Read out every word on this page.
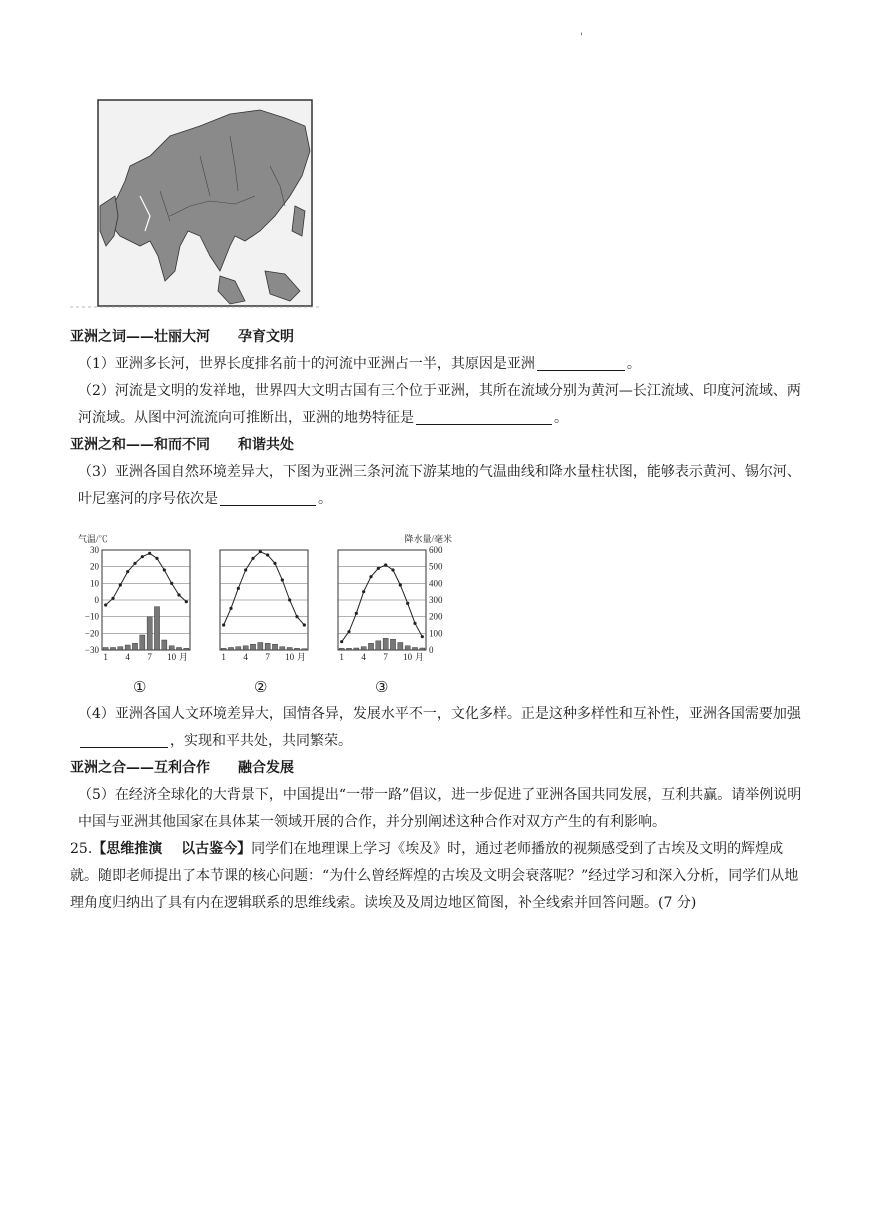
'

亚洲之词——壮丽大河 孕育文明

（1）亚洲多长河，世界长度排名前十的河流中亚洲占一半，其原因是亚洲	。

（2）河流是文明的发祥地，世界四大文明古国有三个位于亚洲，其所在流域分别为黄河—长江流域、印度河流域、两河流域。从图中河流流向可推断出，亚洲的地势特征是	。

亚洲之和——和而不同 和谐共处

（3）亚洲各国自然环境差异大，下图为亚洲三条河流下游某地的气温曲线和降水量柱状图，能够表示黄河、锡尔河、叶尼塞河的序号依次是	。

1 4 7 10 月
30
20
10
0
−10
−20
−30
气温/℃
1 4 7 10 月	1 4 7 10 月
600
500
400
300
200
100
0
降水量/毫米
①	②	③

（4）亚洲各国人文环境差异大，国情各异，发展水平不一，文化多样。正是这种多样性和互补性，亚洲各国需要加强，实现和平共处，共同繁荣。

亚洲之合——互利合作 融合发展

（5）在经济全球化的大背景下，中国提出“一带一路”倡议，进一步促进了亚洲各国共同发展，互利共赢。请举例说明中国与亚洲其他国家在具体某一领域开展的合作，并分别阐述这种合作对双方产生的有利影响。

25.【思维推演　 以古鉴今】同学们在地理课上学习《埃及》时，通过老师播放的视频感受到了古埃及文明的辉煌成就。随即老师提出了本节课的核心问题：“为什么曾经辉煌的古埃及文明会衰落呢？”经过学习和深入分析，同学们从地理角度归纳出了具有内在逻辑联系的思维线索。读埃及及周边地区简图，补全线索并回答问题。(7 分)
